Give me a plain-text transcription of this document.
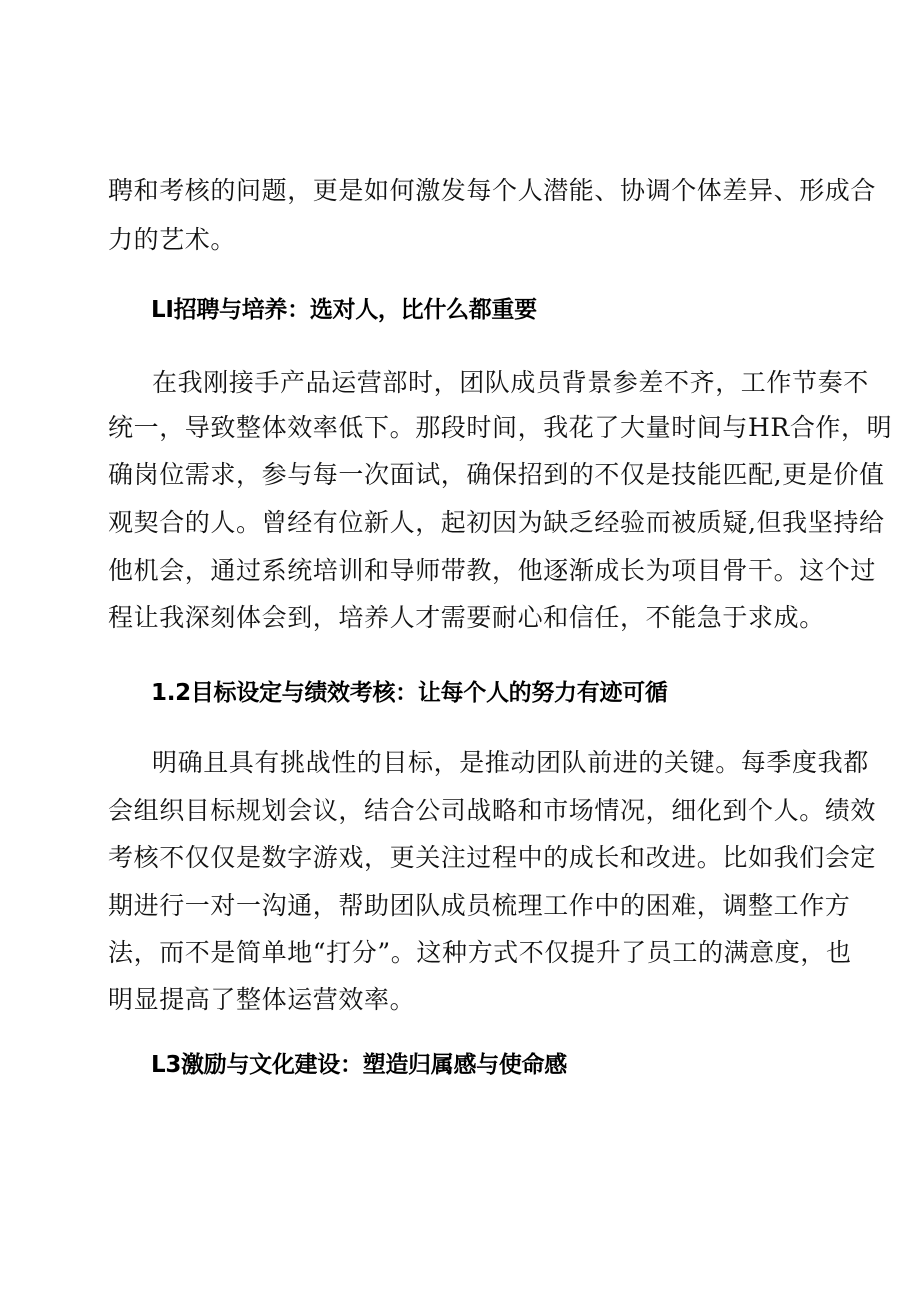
聘和考核的问题，更是如何激发每个人潜能、协调个体差异、形成合
力的艺术。
LI招聘与培养：选对人，比什么都重要
在我刚接手产品运营部时，团队成员背景参差不齐，工作节奏不
统一，导致整体效率低下。那段时间，我花了大量时间与HR合作，明
确岗位需求，参与每一次面试，确保招到的不仅是技能匹配,更是价值
观契合的人。曾经有位新人，起初因为缺乏经验而被质疑,但我坚持给
他机会，通过系统培训和导师带教，他逐渐成长为项目骨干。这个过
程让我深刻体会到，培养人才需要耐心和信任，不能急于求成。
1.2目标设定与绩效考核：让每个人的努力有迹可循
明确且具有挑战性的目标，是推动团队前进的关键。每季度我都
会组织目标规划会议，结合公司战略和市场情况，细化到个人。绩效
考核不仅仅是数字游戏，更关注过程中的成长和改进。比如我们会定
期进行一对一沟通，帮助团队成员梳理工作中的困难，调整工作方
法，而不是简单地“打分”。这种方式不仅提升了员工的满意度，也
明显提高了整体运营效率。
L3激励与文化建设：塑造归属感与使命感
